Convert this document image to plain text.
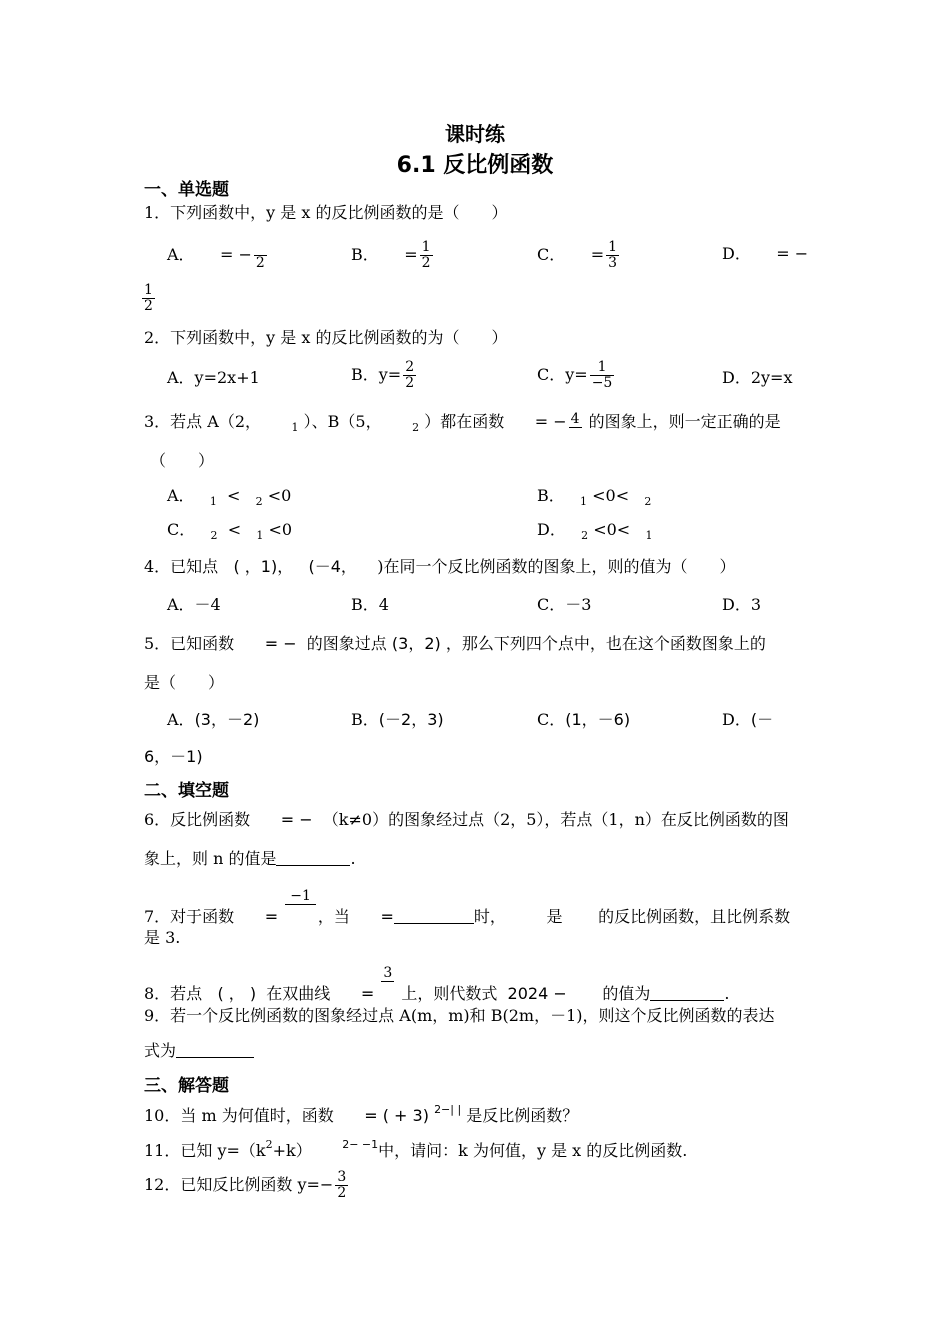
课时练
6.1 反比例函数
一、单选题
1．下列函数中，y 是 x 的反比例函数的是（　　）
A． = −
2	B． = $\frac{1}{2}$	C． = $\frac{1}{3}$	D． = −
$\frac{1}{2}$
2．下列函数中，y 是 x 的反比例函数的为（　　）
A．y=2x+1	B．$y= \frac{2}{2}$	C．$y= \frac{1}{-5}$	D．2y=x
3．若点 A（2，	$_1$ ）、B（5，	$_2$ ）都在函数 = − 4 的图象上，则一定正确的是
（　　）
A． $_1$ < $_2$ <0	B． $_1$ <0< $_2$
C． $_2$ < $_1$ <0	D． $_2$ <0< $_1$
4．已知点 ( ，1)， (－4， )在同一个反比例函数的图象上，则的值为（　　）
A．－4	B．4	C．－3	D．3
5．已知函数 = − 的图象过点 (3，2) ，那么下列四个点中，也在这个函数图象上的
是（　　）
A．(3，－2)	B．(－2，3)	C．(1，－6)	D．(－
6，－1)
二、填空题
6．反比例函数 = − （k≠0）的图象经过点（2，5），若点（1，n）在反比例函数的图
象上，则 n 的值是	.
7．对于函数 =
−1

，当 =	时，	是 的反比例函数，且比例系数
是 3.
8．若点 ( ， ) 在双曲线 =
3

上，则代数式 2024 − 的值为	.
9．若一个反比例函数的图象经过点 A(m，m)和 B(2m，－1)，则这个反比例函数的表达
式为
三、解答题
10．当 m 为何值时，函数 = ( + 3) $^{2-| |}$ 是反比例函数？
11．已知 $y=(k^2+k)$	$^{2- -1}$中，请问：k 为何值，y 是 x 的反比例函数.
12．已知反比例函数 $y=- \frac{3}{2}$
